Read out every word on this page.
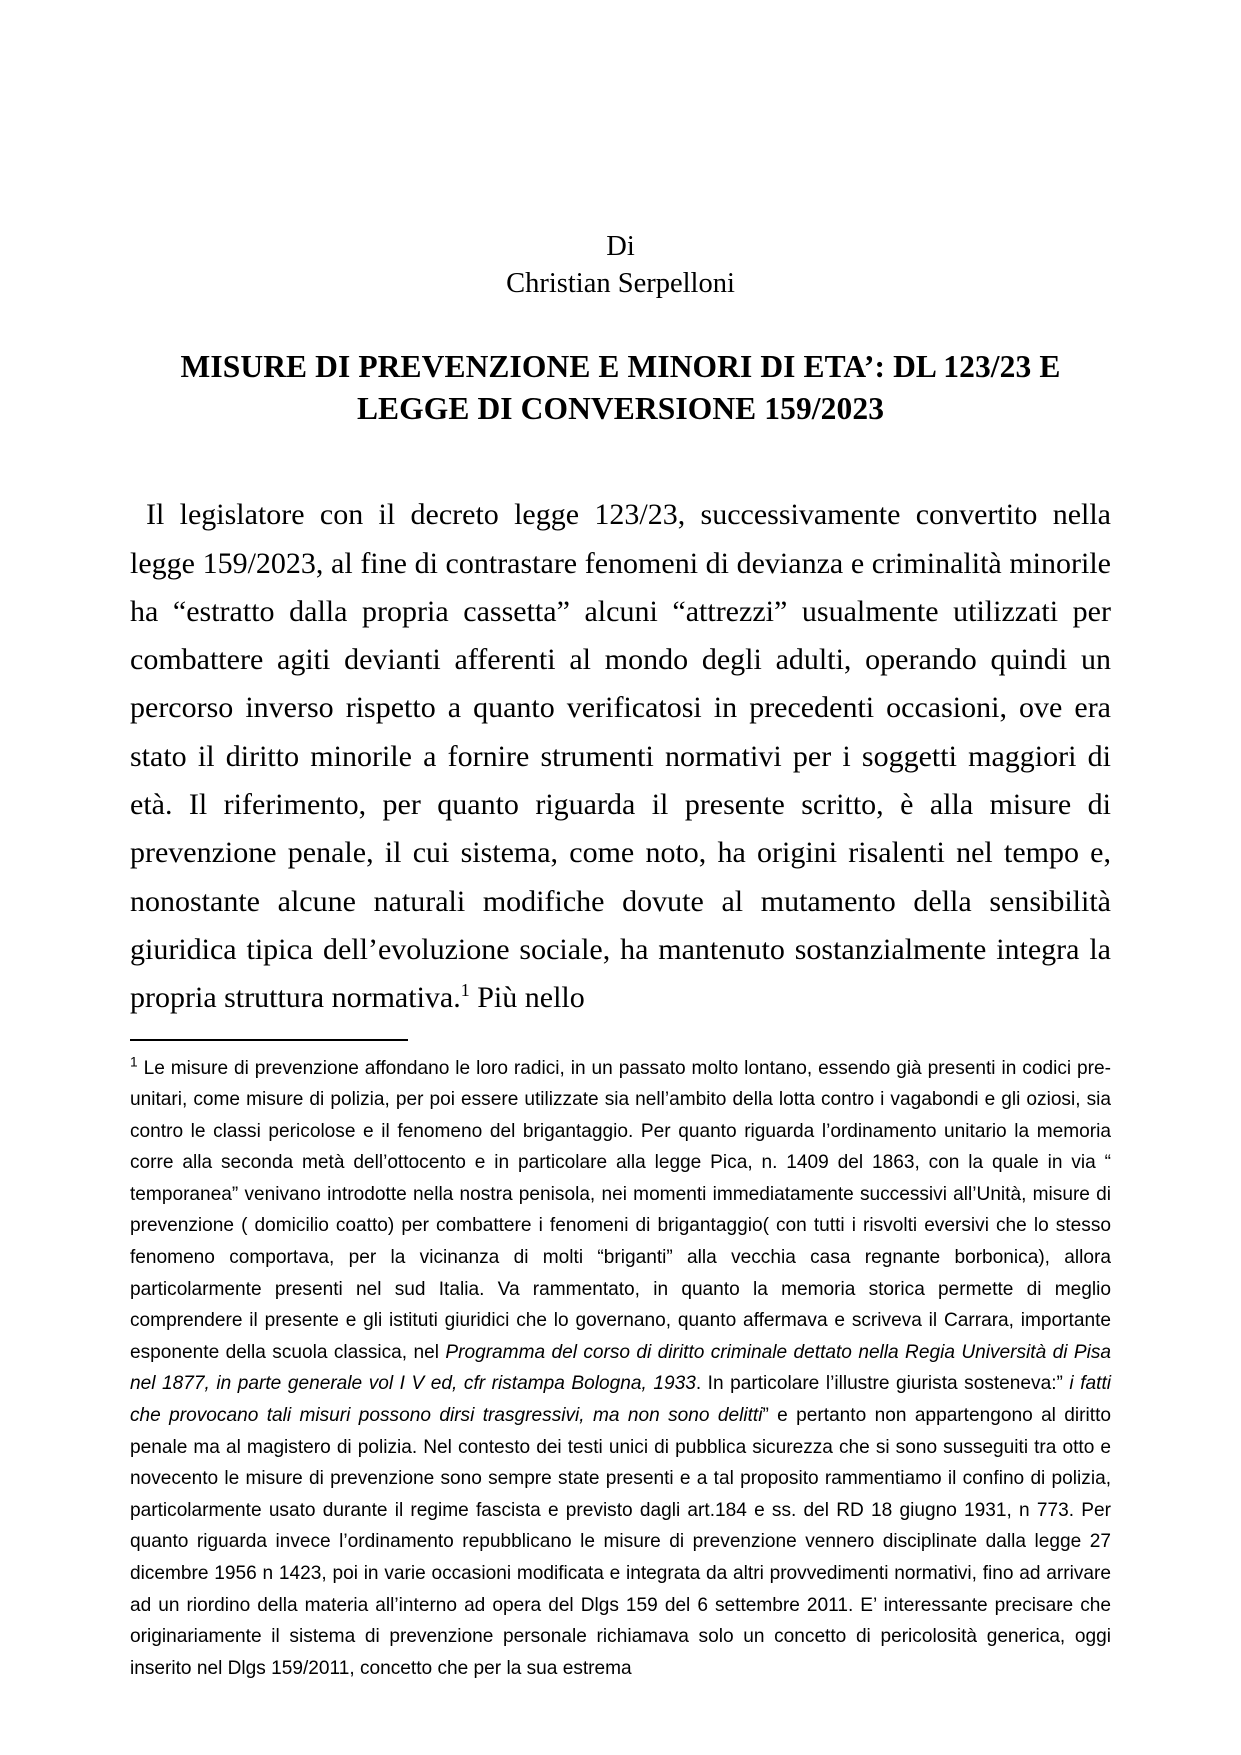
Di
Christian Serpelloni
MISURE DI PREVENZIONE E MINORI DI ETA’: DL 123/23 E
LEGGE DI CONVERSIONE 159/2023

Il legislatore con il decreto legge 123/23, successivamente convertito nella legge 159/2023, al fine di contrastare fenomeni di devianza e criminalità minorile ha “estratto dalla propria cassetta” alcuni “attrezzi” usualmente utilizzati per combattere agiti devianti afferenti al mondo degli adulti, operando quindi un percorso inverso rispetto a quanto verificatosi in precedenti occasioni, ove era stato il diritto minorile a fornire strumenti normativi per i soggetti maggiori di età. Il riferimento, per quanto riguarda il presente scritto, è alla misure di prevenzione penale, il cui sistema, come noto, ha origini risalenti nel tempo e, nonostante alcune naturali modifiche dovute al mutamento della sensibilità giuridica tipica dell’evoluzione sociale, ha mantenuto sostanzialmente integra la propria struttura normativa.$^1$ Più nello

$^1$ Le misure di prevenzione affondano le loro radici, in un passato molto lontano, essendo già presenti in codici pre-unitari, come misure di polizia, per poi essere utilizzate sia nell’ambito della lotta contro i vagabondi e gli oziosi, sia contro le classi pericolose e il fenomeno del brigantaggio. Per quanto riguarda l’ordinamento unitario la memoria corre alla seconda metà dell’ottocento e in particolare alla legge Pica, n. 1409 del 1863, con la quale in via “ temporanea” venivano introdotte nella nostra penisola, nei momenti immediatamente successivi all’Unità, misure di prevenzione ( domicilio coatto) per combattere i fenomeni di brigantaggio( con tutti i risvolti eversivi che lo stesso fenomeno comportava, per la vicinanza di molti “briganti” alla vecchia casa regnante borbonica), allora particolarmente presenti nel sud Italia. Va rammentato, in quanto la memoria storica permette di meglio comprendere il presente e gli istituti giuridici che lo governano, quanto affermava e scriveva il Carrara, importante esponente della scuola classica, nel Programma del corso di diritto criminale dettato nella Regia Università di Pisa nel 1877, in parte generale vol I V ed, cfr ristampa Bologna, 1933. In particolare l’illustre giurista sosteneva:” i fatti che provocano tali misuri possono dirsi trasgressivi, ma non sono delitti” e pertanto non appartengono al diritto penale ma al magistero di polizia. Nel contesto dei testi unici di pubblica sicurezza che si sono susseguiti tra otto e novecento le misure di prevenzione sono sempre state presenti e a tal proposito rammentiamo il confino di polizia, particolarmente usato durante il regime fascista e previsto dagli art.184 e ss. del RD 18 giugno 1931, n 773. Per quanto riguarda invece l’ordinamento repubblicano le misure di prevenzione vennero disciplinate dalla legge 27 dicembre 1956 n 1423, poi in varie occasioni modificata e integrata da altri provvedimenti normativi, fino ad arrivare ad un riordino della materia all’interno ad opera del Dlgs 159 del 6 settembre 2011. E’ interessante precisare che originariamente il sistema di prevenzione personale richiamava solo un concetto di pericolosità generica, oggi inserito nel Dlgs 159/2011, concetto che per la sua estrema
